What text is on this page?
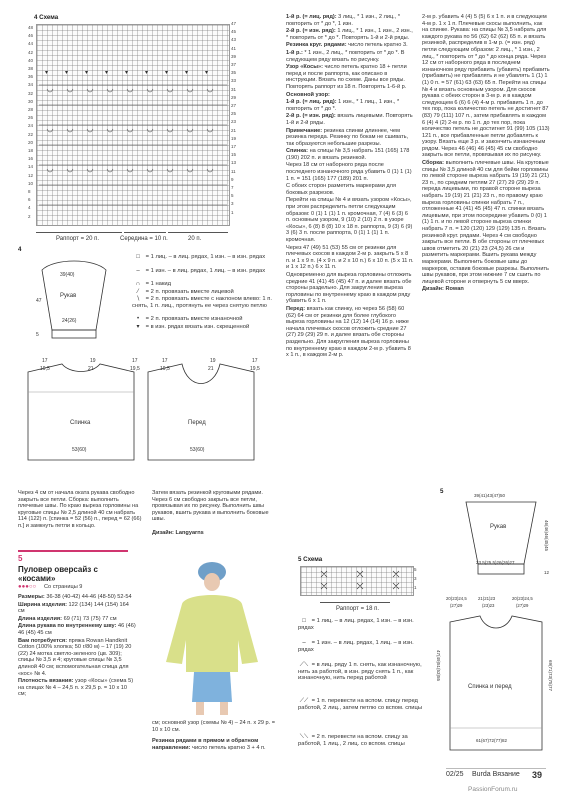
4 Схема
48
46
44
42
40
38
36
34
32
30
28
26
24
22
20
18
16
14
12
10
8
6
4
2
47
45
43
41
39
37
35
33
31
29
27
25
23
21
19
17
15
13
11
9
7
5
3
1
Раппорт = 20 п.	Середина = 10 п.	20 п.
4
□ = 1 лиц. – в лиц. рядах, 1 изн. – в изн. рядах
– = 1 изн. – в лиц. рядах, 1 лиц. – в изн. рядах
∩ = 1 накид
⁄ = 2 п. провязать вместе лицевой
∖ = 2 п. провязать вместе с наклоном влево: 1 п. снять, 1 п. лиц., протянуть ее через снятую петлю
• = 2 п. провязать вместе изнаночной
▾ = в изн. рядах вязать изн. скрещенной
Рукав
39(40)
24(26)
47
5
Спинка
53(60)
17	19	17
19,5	21	19,5
Перед
53(60)
17	19	17
19,5	21	19,5
Через 4 см от начала оката рукава свободно закрыть все петли. Сборка: выполнить плечевые швы. По краю выреза горловины на круговые спицы № 2,5 длиной 40 см набрать 114 (122) п. [спинка = 52 (56) п., перед = 62 (66) п.] и замкнуть петли в кольцо.
Затем вязать резинкой круговыми рядами. Через 6 см свободно закрыть все петли, провязывая их по рисунку. Выполнить швы рукавов, вшить рукава и выполнить боковые швы.
Дизайн: Langyarns
5
Пуловер оверсайз с «косами»
●●●○○ Со страницы 9

Размеры: 36-38 (40-42) 44-46 (48-50) 52-54

Ширина изделия: 122 (134) 144 (154) 164 см

Длина изделия: 69 (71) 73 (75) 77 см

Длина рукава по внутреннему шву: 46 (46) 46 (45) 45 см

Вам потребуется: пряжа Rowan Handknit Cotton (100% хлопка; 50 г/80 м) – 17 (19) 20 (22) 24 мотка светло-зеленого (цв. 309); спицы № 3,5 и 4; круговые спицы № 3,5 длиной 40 см; вспомогательная спица для «кос» № 4.

Плотность вязания: узор «Косы» (схема 5) на спицах № 4 – 24,5 п. x 29,5 р. = 10 x 10 см;

см; основной узор (схемы № 4) – 24 п. x 29 р. = 10 x 10 см.
Резинка рядами в прямом и обратном направлении: число петель кратно 3 + 4 п.

1-й р. (= лиц. ряд): 3 лиц., * 1 изн., 2 лиц., * повторить от * до *, 1 изн.

2-й р. (= изн. ряд): 1 лиц., * 1 изн., 1 изн., 2 изн., * повторить от * до *. Повторять 1-й и 2-й ряды.

Резинка круг. рядами: число петель кратно 3.

1-й р.: * 1 изн., 2 лиц., * повторить от * до *. В следующем ряду вязать по рисунку.

Узор «Косы»: число петель кратно 18 + петли перед и после раппорта, как описано в инструкции. Вязать по схеме. Даны все ряды. Повторять раппорт из 18 п. Повторять 1-6-й р.

Основной узор:

1-й р. (= лиц. ряд): 1 изн., * 1 лиц., 1 изн., * повторить от * до *.

2-й р. (= изн. ряд): вязать лицевыми. Повторять 1-й и 2-й ряды.

Примечание: резинка спинки длиннее, чем резинка переда. Резинку по бокам не сшивать, так образуются небольшие разрезы.

Спинка: на спицы № 3,5 набрать 151 (165) 178 (190) 202 п. и вязать резинкой.

Через 18 см от наборного ряда после последнего изнаночного ряда убавить 0 (1) 1 (1) 1 п. = 151 (165) 177 (189) 201 п.

С обоих сторон разметить маркерами для боковых разрезов.

Перейти на спицы № 4 и вязать узором «Косы», при этом распределить петли следующим образом: 0 (1) 1 (1) 1 п. кромочная, 7 (4) 6 (3) 6 п. основным узором, 9 (10) 2 (10) 2 п. в узоре «Косы», 6 (8) 8 (8) 10 x 18 п. раппорта, 9 (3) 6 (9) 3 (6) 3 п. после раппорта, 0 (1) 1 (1) 1 п. кромочная.

Через 47 (49) 51 (53) 55 см от резинки для плечевых скосов в каждом 2-м р. закрыть 5 x 8 п. и 1 x 9 п. (4 x 9 п. и 2 x 10 п.) 6 x 10 п. (5 x 11 п. и 1 x 12 п.) 6 x 11 п.

Одновременно для выреза горловины отложить средние 41 (41) 45 (45) 47 п. и далее вязать обе стороны раздельно. Для закругления выреза горловины по внутреннему краю в каждом ряду убавить 6 x 1 п.

Перед: вязать как спинку, но через 56 (58) 60 (62) 64 см от резинки для более глубокого выреза горловины на 12 (12) 14 (14) 16 р. ниже начала плечевых скосов отложить средние 27 (27) 29 (29) 29 п. и далее вязать обе стороны раздельно. Для закругления выреза горловины по внутреннему краю в каждом 2-м р. убавить 8 x 1 п., в каждом 2-м р.

2-м р. убавить 4 (4) 5 (5) 6 x 1 п. и в следующем 4-м р. 1 x 1 п. Плечевые скосы выполнить, как на спинке. Рукава: на спицы № 3,5 набрать для каждого рукава по 56 (62) 62 (62) 65 п. и вязать резинкой, распределив в 1-м р. (= изн. ряд) петли следующим образом: 2 лиц., * 1 изн., 2 лиц., * повторить от * до * до конца ряда. Через 12 см от наборного ряда в последнем изнаночном ряду прибавить (убавить) прибавить (прибавить) не прибавлять и не убавлять 1 (1) 1 (1) 0 п. = 57 (61) 63 (63) 65 п. Перейти на спицы № 4 и вязать основным узором. Для скосов рукава с обеих сторон в 3-м р. и в каждом следующем 6 (6) 6 (4) 4-м р. прибавить 1 п. до тех пор, пока количество петель не достигнет 87 (83) 79 (111) 107 п., затем прибавлять в каждом 6 (4) 4 (2) 2-м р. по 1 п. до тех пор, пока количество петель не достигнет 91 (99) 105 (113) 121 п., все прибавленные петли добавлять к узору. Вязать еще 3 р. и закончить изнаночным рядом. Через 46 (46) 46 (45) 45 см свободно закрыть все петли, провязывая их по рисунку.

Сборка: выполнить плечевые швы. На круговые спицы № 3,5 длиной 40 см для бейки горловины по левой стороне выреза набрать 19 (19) 21 (21) 23 п., по средним петлям 27 (27) 29 (29) 29 п. переда лицевыми, по правой стороне выреза набрать 19 (19) 21 (21) 23 п., по правому краю выреза горловины спинки набрать 7 п., отложенные 41 (41) 45 (45) 47 п. спинки вязать лицевыми, при этом посередине убавить 0 (0) 1 (1) 1 п. и по левой стороне выреза спинки набрать 7 п. = 120 (120) 129 (129) 135 п. Вязать резинкой круг. рядами. Через 4 см свободно закрыть все петли. В обе стороны от плечевых швов отметить 20 (21) 23 (24,5) 26 см и разметить маркерами. Вшить рукава между маркерами. Выполнить боковые швы до маркеров, оставив боковые разрезы. Выполнить швы рукавов, при этом нижние 7 см сшить по лицевой стороне и отвернуть 5 см вверх.

Дизайн: Rowan

5 Схема
5
3
1
Раппорт = 18 п.
□ = 1 лиц. – в лиц. рядах, 1 изн. – в изн. рядах
– = 1 изн. – в лиц. рядах, 1 лиц. – в изн. рядах
⟋⟍ = в лиц. ряду 1 п. снять, как изнаночную, нить за работой, в изн. ряду снять 1 п., как изнаночную, нить перед работой
⟋⟋ = 1 п. перевести на вспом. спицу перед работой, 2 лиц., затем петлю со вспом. спицы
⟍⟍ = 2 п. перевести на вспом. спицу за работой, 1 лиц., 2 лиц. со вспом. спицы
5
Рукав
39(41)43(47)50
23,5(25,5)26(26)27
46(46)46(45)45
12
20(23)24,5	21(21)23	20(23)24,5
(27)29	(23)23	(27)29
Спинка и перед
61(67)72(77)82
47(49)51(53)55	69(71)73(75)77
02/25 Burda Вязание 39
PassionForum.ru
